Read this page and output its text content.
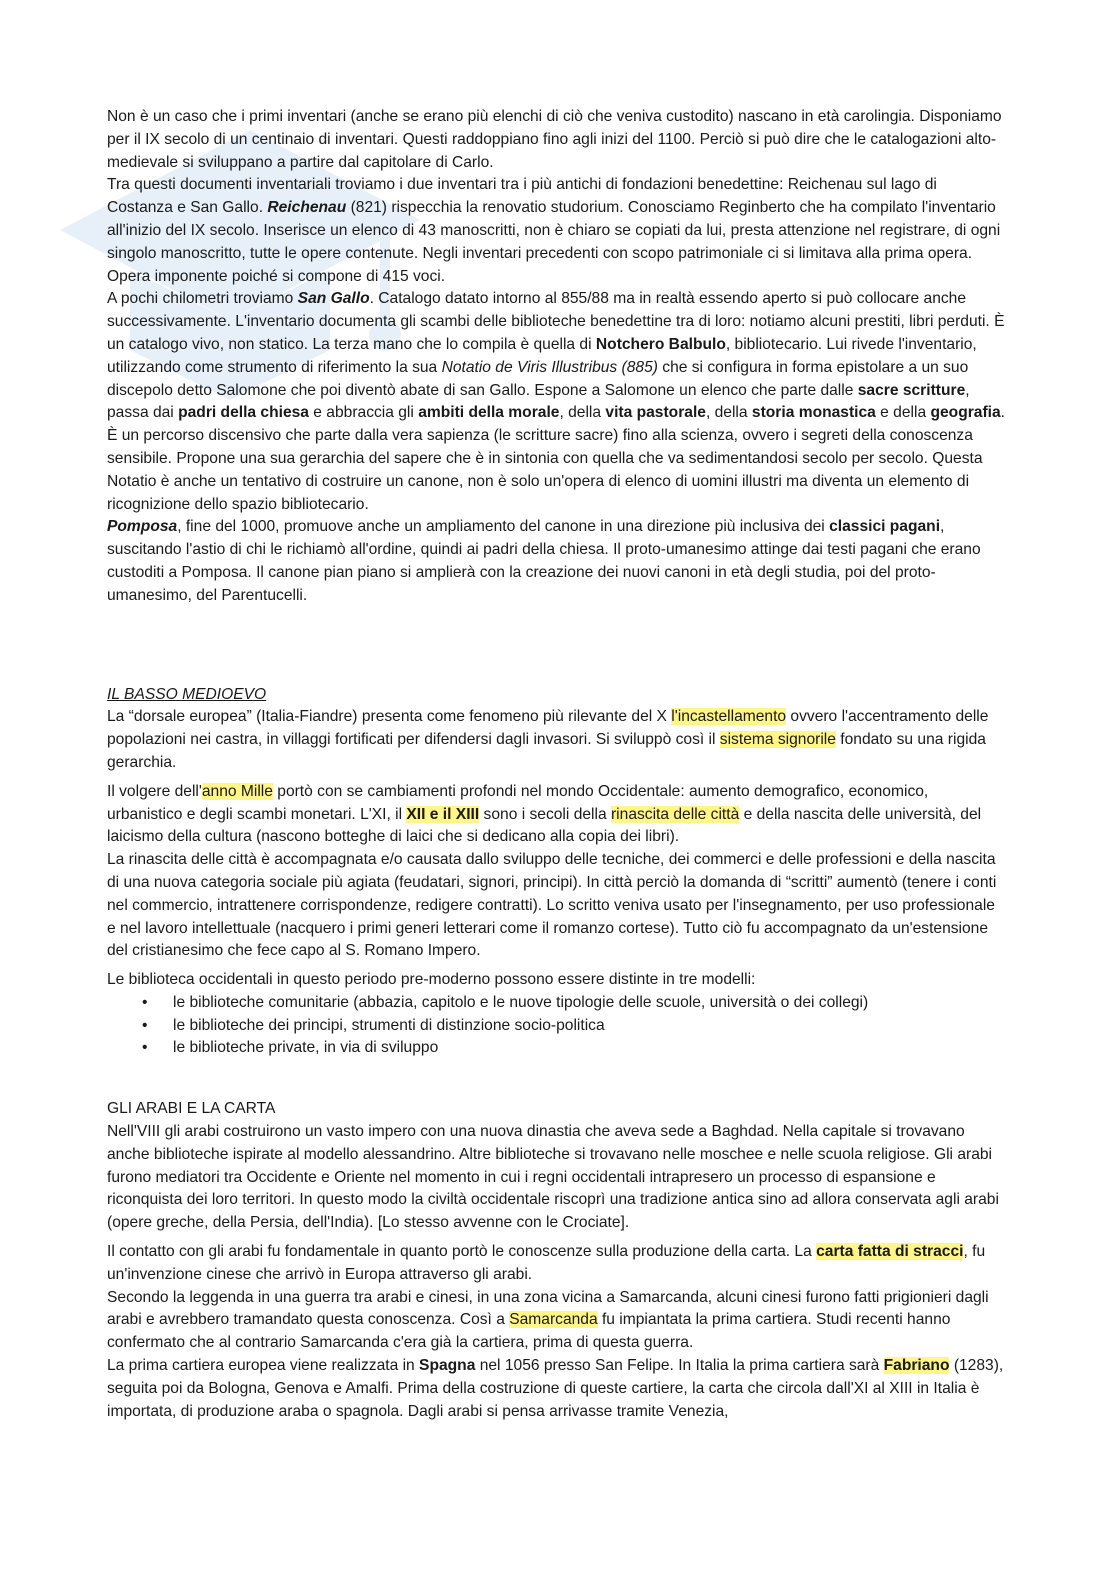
Non è un caso che i primi inventari (anche se erano più elenchi di ciò che veniva custodito) nascano in età carolingia. Disponiamo per il IX secolo di un centinaio di inventari. Questi raddoppiano fino agli inizi del 1100. Perciò si può dire che le catalogazioni alto-medievale si sviluppano a partire dal capitolare di Carlo.

Tra questi documenti inventariali troviamo i due inventari tra i più antichi di fondazioni benedettine: Reichenau sul lago di Costanza e San Gallo. Reichenau (821) rispecchia la renovatio studorium. Conosciamo Reginberto che ha compilato l'inventario all'inizio del IX secolo. Inserisce un elenco di 43 manoscritti, non è chiaro se copiati da lui, presta attenzione nel registrare, di ogni singolo manoscritto, tutte le opere contenute. Negli inventari precedenti con scopo patrimoniale ci si limitava alla prima opera. Opera imponente poiché si compone di 415 voci.

A pochi chilometri troviamo San Gallo. Catalogo datato intorno al 855/88 ma in realtà essendo aperto si può collocare anche successivamente. L'inventario documenta gli scambi delle biblioteche benedettine tra di loro: notiamo alcuni prestiti, libri perduti. È un catalogo vivo, non statico. La terza mano che lo compila è quella di Notchero Balbulo, bibliotecario. Lui rivede l'inventario, utilizzando come strumento di riferimento la sua Notatio de Viris Illustribus (885) che si configura in forma epistolare a un suo discepolo detto Salomone che poi diventò abate di san Gallo. Espone a Salomone un elenco che parte dalle sacre scritture, passa dai padri della chiesa e abbraccia gli ambiti della morale, della vita pastorale, della storia monastica e della geografia. È un percorso discensivo che parte dalla vera sapienza (le scritture sacre) fino alla scienza, ovvero i segreti della conoscenza sensibile. Propone una sua gerarchia del sapere che è in sintonia con quella che va sedimentandosi secolo per secolo. Questa Notatio è anche un tentativo di costruire un canone, non è solo un'opera di elenco di uomini illustri ma diventa un elemento di ricognizione dello spazio bibliotecario.

Pomposa, fine del 1000, promuove anche un ampliamento del canone in una direzione più inclusiva dei classici pagani, suscitando l'astio di chi le richiamò all'ordine, quindi ai padri della chiesa. Il proto-umanesimo attinge dai testi pagani che erano custoditi a Pomposa. Il canone pian piano si amplierà con la creazione dei nuovi canoni in età degli studia, poi del proto-umanesimo, del Parentucelli.

IL BASSO MEDIOEVO

La “dorsale europea” (Italia-Fiandre) presenta come fenomeno più rilevante del X l'incastellamento ovvero l'accentramento delle popolazioni nei castra, in villaggi fortificati per difendersi dagli invasori. Si sviluppò così il sistema signorile fondato su una rigida gerarchia.

Il volgere dell'anno Mille portò con se cambiamenti profondi nel mondo Occidentale: aumento demografico, economico, urbanistico e degli scambi monetari. L'XI, il XII e il XIII sono i secoli della rinascita delle città e della nascita delle università, del laicismo della cultura (nascono botteghe di laici che si dedicano alla copia dei libri).

La rinascita delle città è accompagnata e/o causata dallo sviluppo delle tecniche, dei commerci e delle professioni e della nascita di una nuova categoria sociale più agiata (feudatari, signori, principi). In città perciò la domanda di “scritti” aumentò (tenere i conti nel commercio, intrattenere corrispondenze, redigere contratti). Lo scritto veniva usato per l'insegnamento, per uso professionale e nel lavoro intellettuale (nacquero i primi generi letterari come il romanzo cortese). Tutto ciò fu accompagnato da un'estensione del cristianesimo che fece capo al S. Romano Impero.

Le biblioteca occidentali in questo periodo pre-moderno possono essere distinte in tre modelli:

• le biblioteche comunitarie (abbazia, capitolo e le nuove tipologie delle scuole, università o dei collegi)
• le biblioteche dei principi, strumenti di distinzione socio-politica
• le biblioteche private, in via di sviluppo

GLI ARABI E LA CARTA

Nell'VIII gli arabi costruirono un vasto impero con una nuova dinastia che aveva sede a Baghdad. Nella capitale si trovavano anche biblioteche ispirate al modello alessandrino. Altre biblioteche si trovavano nelle moschee e nelle scuola religiose. Gli arabi furono mediatori tra Occidente e Oriente nel momento in cui i regni occidentali intrapresero un processo di espansione e riconquista dei loro territori. In questo modo la civiltà occidentale riscoprì una tradizione antica sino ad allora conservata agli arabi (opere greche, della Persia, dell'India). [Lo stesso avvenne con le Crociate].

Il contatto con gli arabi fu fondamentale in quanto portò le conoscenze sulla produzione della carta. La carta fatta di stracci, fu un'invenzione cinese che arrivò in Europa attraverso gli arabi.

Secondo la leggenda in una guerra tra arabi e cinesi, in una zona vicina a Samarcanda, alcuni cinesi furono fatti prigionieri dagli arabi e avrebbero tramandato questa conoscenza. Così a Samarcanda fu impiantata la prima cartiera. Studi recenti hanno confermato che al contrario Samarcanda c'era già la cartiera, prima di questa guerra.

La prima cartiera europea viene realizzata in Spagna nel 1056 presso San Felipe. In Italia la prima cartiera sarà Fabriano (1283), seguita poi da Bologna, Genova e Amalfi. Prima della costruzione di queste cartiere, la carta che circola dall'XI al XIII in Italia è importata, di produzione araba o spagnola. Dagli arabi si pensa arrivasse tramite Venezia,
